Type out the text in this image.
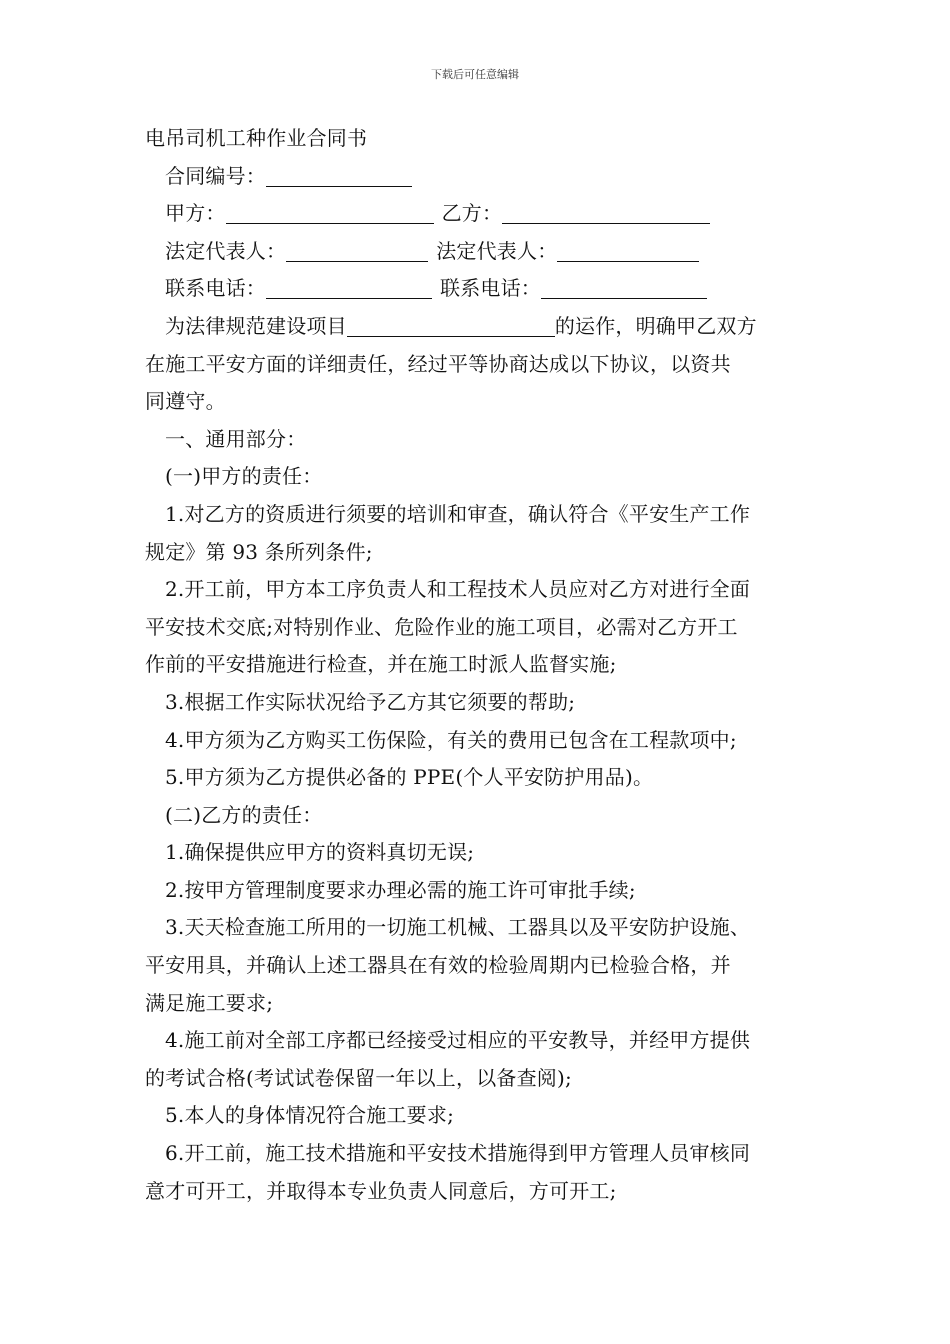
下载后可任意编辑
电吊司机工种作业合同书
合同编号：
甲方：	乙方：
法定代表人：	法定代表人：
联系电话：	联系电话：
为法律规范建设项目	的运作，明确甲乙双方
在施工平安方面的详细责任，经过平等协商达成以下协议，以资共
同遵守。
一、通用部分：
(一)甲方的责任：
1.对乙方的资质进行须要的培训和审查，确认符合《平安生产工作
规定》第 93 条所列条件;
2.开工前，甲方本工序负责人和工程技术人员应对乙方对进行全面
平安技术交底;对特别作业、危险作业的施工项目，必需对乙方开工
作前的平安措施进行检查，并在施工时派人监督实施;
3.根据工作实际状况给予乙方其它须要的帮助;
4.甲方须为乙方购买工伤保险，有关的费用已包含在工程款项中;
5.甲方须为乙方提供必备的 PPE(个人平安防护用品)。
(二)乙方的责任：
1.确保提供应甲方的资料真切无误;
2.按甲方管理制度要求办理必需的施工许可审批手续;
3.天天检查施工所用的一切施工机械、工器具以及平安防护设施、
平安用具，并确认上述工器具在有效的检验周期内已检验合格，并
满足施工要求;
4.施工前对全部工序都已经接受过相应的平安教导，并经甲方提供
的考试合格(考试试卷保留一年以上，以备查阅);
5.本人的身体情况符合施工要求;
6.开工前，施工技术措施和平安技术措施得到甲方管理人员审核同
意才可开工，并取得本专业负责人同意后，方可开工;
